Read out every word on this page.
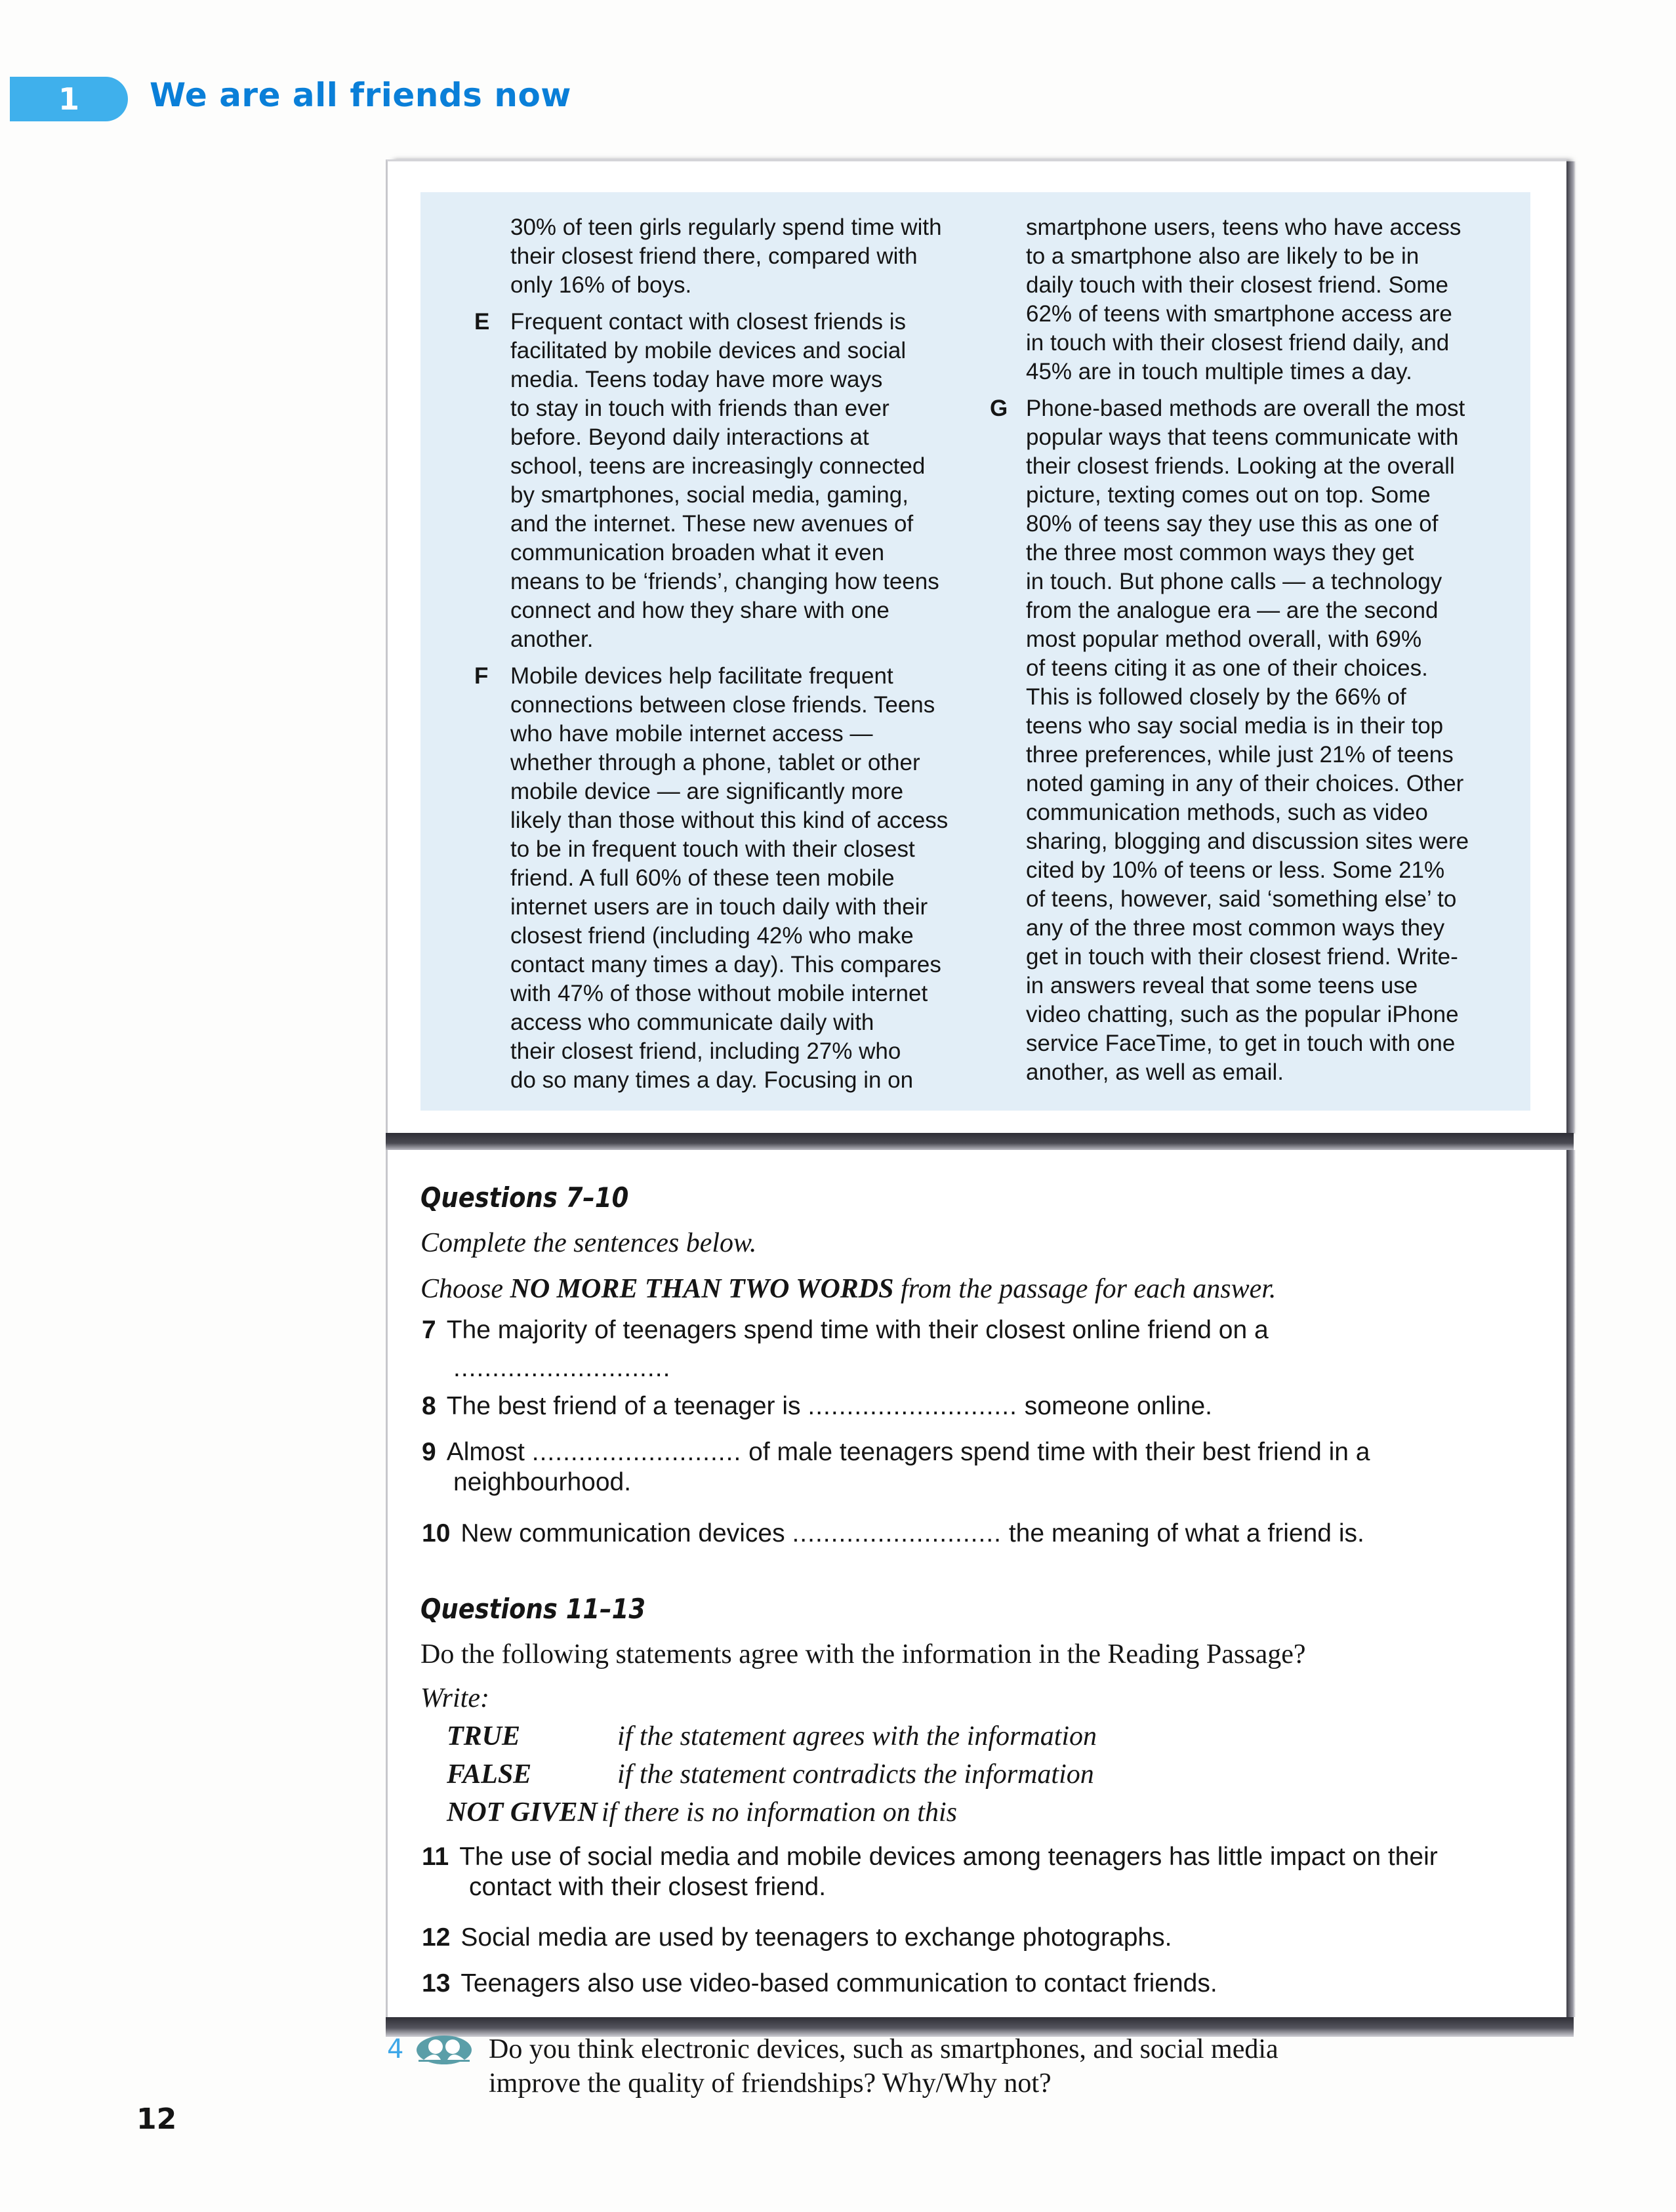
1 We are all friends now
30% of teen girls regularly spend time with
their closest friend there, compared with
only 16% of boys.
E Frequent contact with closest friends is
facilitated by mobile devices and social
media. Teens today have more ways
to stay in touch with friends than ever
before. Beyond daily interactions at
school, teens are increasingly connected
by smartphones, social media, gaming,
and the internet. These new avenues of
communication broaden what it even
means to be ‘friends’, changing how teens
connect and how they share with one
another.
F Mobile devices help facilitate frequent
connections between close friends. Teens
who have mobile internet access —
whether through a phone, tablet or other
mobile device — are significantly more
likely than those without this kind of access
to be in frequent touch with their closest
friend. A full 60% of these teen mobile
internet users are in touch daily with their
closest friend (including 42% who make
contact many times a day). This compares
with 47% of those without mobile internet
access who communicate daily with
their closest friend, including 27% who
do so many times a day. Focusing in on
smartphone users, teens who have access
to a smartphone also are likely to be in
daily touch with their closest friend. Some
62% of teens with smartphone access are
in touch with their closest friend daily, and
45% are in touch multiple times a day.
G Phone-based methods are overall the most
popular ways that teens communicate with
their closest friends. Looking at the overall
picture, texting comes out on top. Some
80% of teens say they use this as one of
the three most common ways they get
in touch. But phone calls — a technology
from the analogue era — are the second
most popular method overall, with 69%
of teens citing it as one of their choices.
This is followed closely by the 66% of
teens who say social media is in their top
three preferences, while just 21% of teens
noted gaming in any of their choices. Other
communication methods, such as video
sharing, blogging and discussion sites were
cited by 10% of teens or less. Some 21%
of teens, however, said ‘something else’ to
any of the three most common ways they
get in touch with their closest friend. Write-
in answers reveal that some teens use
video chatting, such as the popular iPhone
service FaceTime, to get in touch with one
another, as well as email.
Questions 7–10
Complete the sentences below.
Choose NO MORE THAN TWO WORDS from the passage for each answer.
7 The majority of teenagers spend time with their closest online friend on a
............................
8 The best friend of a teenager is ........................... someone online.
9 Almost ........................... of male teenagers spend time with their best friend in a
neighbourhood.
10 New communication devices ........................... the meaning of what a friend is.
Questions 11–13
Do the following statements agree with the information in the Reading Passage?
Write:
TRUE	if the statement agrees with the information
FALSE	if the statement contradicts the information
NOT GIVEN if there is no information on this
11 The use of social media and mobile devices among teenagers has little impact on their
contact with their closest friend.
12 Social media are used by teenagers to exchange photographs.
13 Teenagers also use video-based communication to contact friends.
4	Do you think electronic devices, such as smartphones, and social media
improve the quality of friendships? Why/Why not?
12
